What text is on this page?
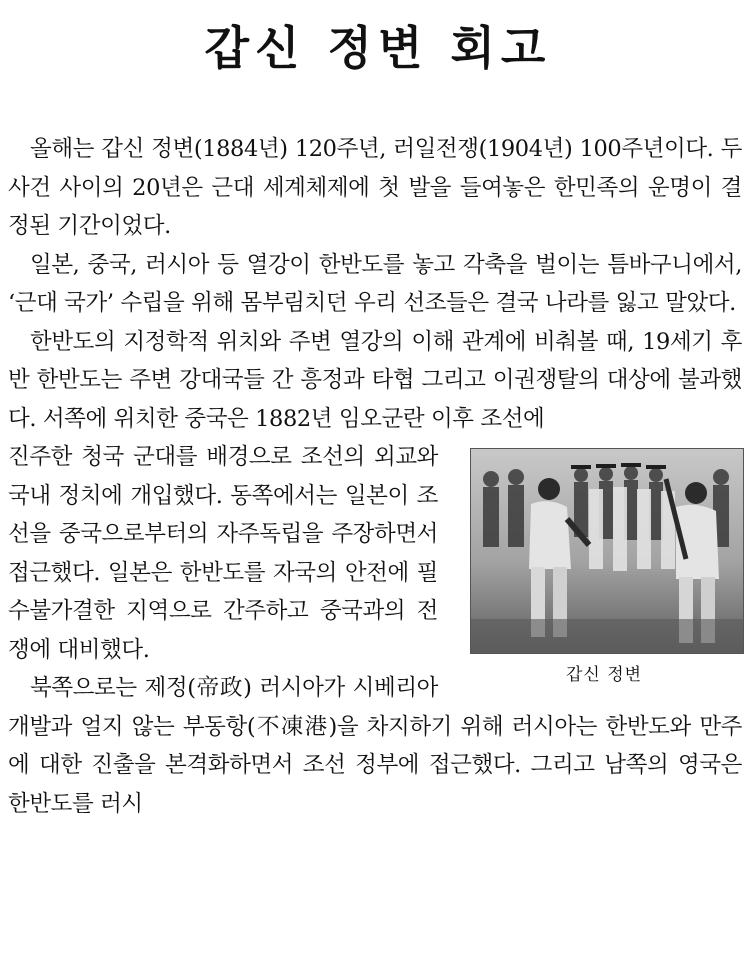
갑신 정변 회고

올해는 갑신 정변(1884년) 120주년, 러일전쟁(1904년) 100주년이다. 두 사건 사이의 20년은 근대 세계체제에 첫 발을 들여놓은 한민족의 운명이 결정된 기간이었다.

일본, 중국, 러시아 등 열강이 한반도를 놓고 각축을 벌이는 틈바구니에서, ‘근대 국가’ 수립을 위해 몸부림치던 우리 선조들은 결국 나라를 잃고 말았다.

한반도의 지정학적 위치와 주변 열강의 이해 관계에 비춰볼 때, 19세기 후반 한반도는 주변 강대국들 간 흥정과 타협 그리고 이권쟁탈의 대상에 불과했다. 서쪽에 위치한 중국은 1882년 임오군란 이후 조선에

갑신 정변

진주한 청국 군대를 배경으로 조선의 외교와 국내 정치에 개입했다. 동쪽에서는 일본이 조선을 중국으로부터의 자주독립을 주장하면서 접근했다. 일본은 한반도를 자국의 안전에 필수불가결한 지역으로 간주하고 중국과의 전쟁에 대비했다.

북쪽으로는 제정(帝政) 러시아가 시베리아 개발과 얼지 않는 부동항(不凍港)을 차지하기 위해 러시아는 한반도와 만주에 대한 진출을 본격화하면서 조선 정부에 접근했다. 그리고 남쪽의 영국은 한반도를 러시
